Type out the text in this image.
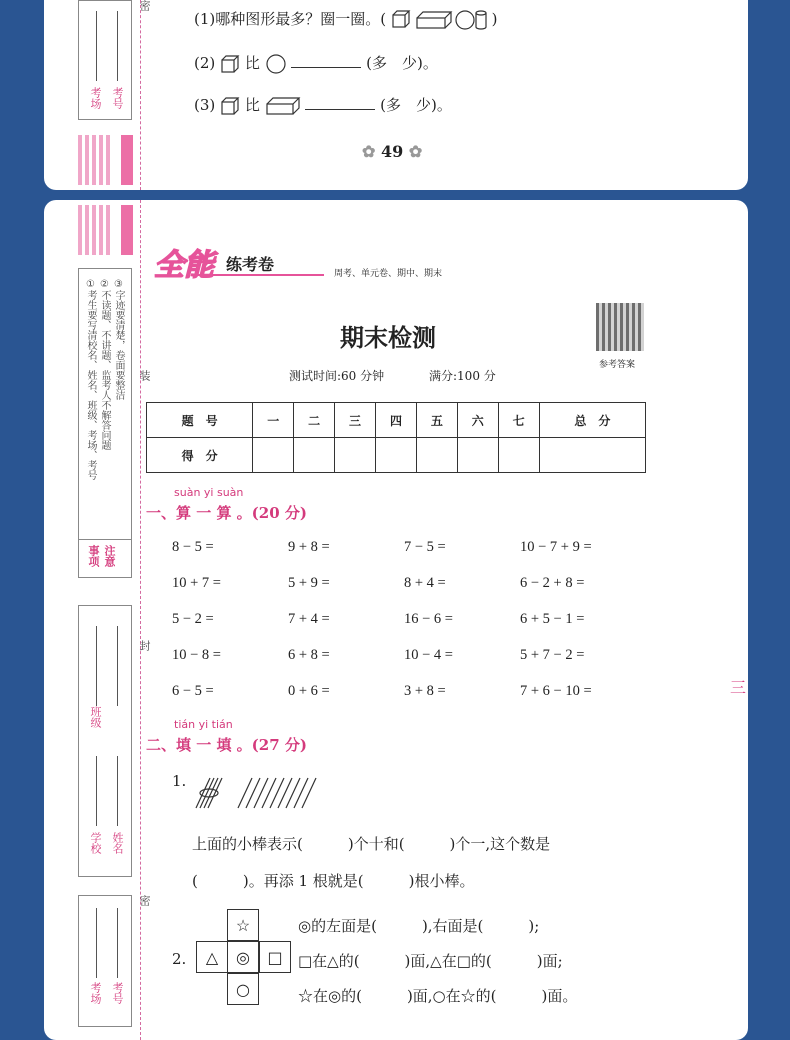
考场 考号
密
(1)哪种图形最多？圈一圈。(	)
(2) 比	(多　少)。
(3) 比	(多　少)。
✿ 49 ✿
①考生要写清校名、姓名、班级、考场、考号 ②不读题、不讲题、监考人不解答问题 ③字迹要清楚，卷面要整洁
注意事项
装
班级
学校 姓名
封
考场 考号
密
全能 练考卷	周考、单元卷、期中、期末
参考答案
期末检测
测试时间:60 分钟	满分:100 分
题　号	一	二	三	四	五	六	七	总　分
得　分								
suàn yi suàn
一、算 一 算 。(20 分)
8 − 5 =	9 + 8 =	7 − 5 =	10 − 7 + 9 =
10 + 7 =	5 + 9 =	8 + 4 =	6 − 2 + 8 =
5 − 2 =	7 + 4 =	16 − 6 =	6 + 5 − 1 =
10 − 8 =	6 + 8 =	10 − 4 =	5 + 7 − 2 =
6 − 5 =	0 + 6 =	3 + 8 =	7 + 6 − 10 =
tián yi tián
二、填 一 填 。(27 分)
1.
上面的小棒表示(　　　)个十和(　　　)个一,这个数是
(　　　)。再添 1 根就是(　　　)根小棒。
☆
△	◎	□
○
2.
◎的左面是(　　　),右面是(　　　);
□在△的(　　　)面,△在□的(　　　)面;
☆在◎的(　　　)面,○在☆的(　　　)面。
三
